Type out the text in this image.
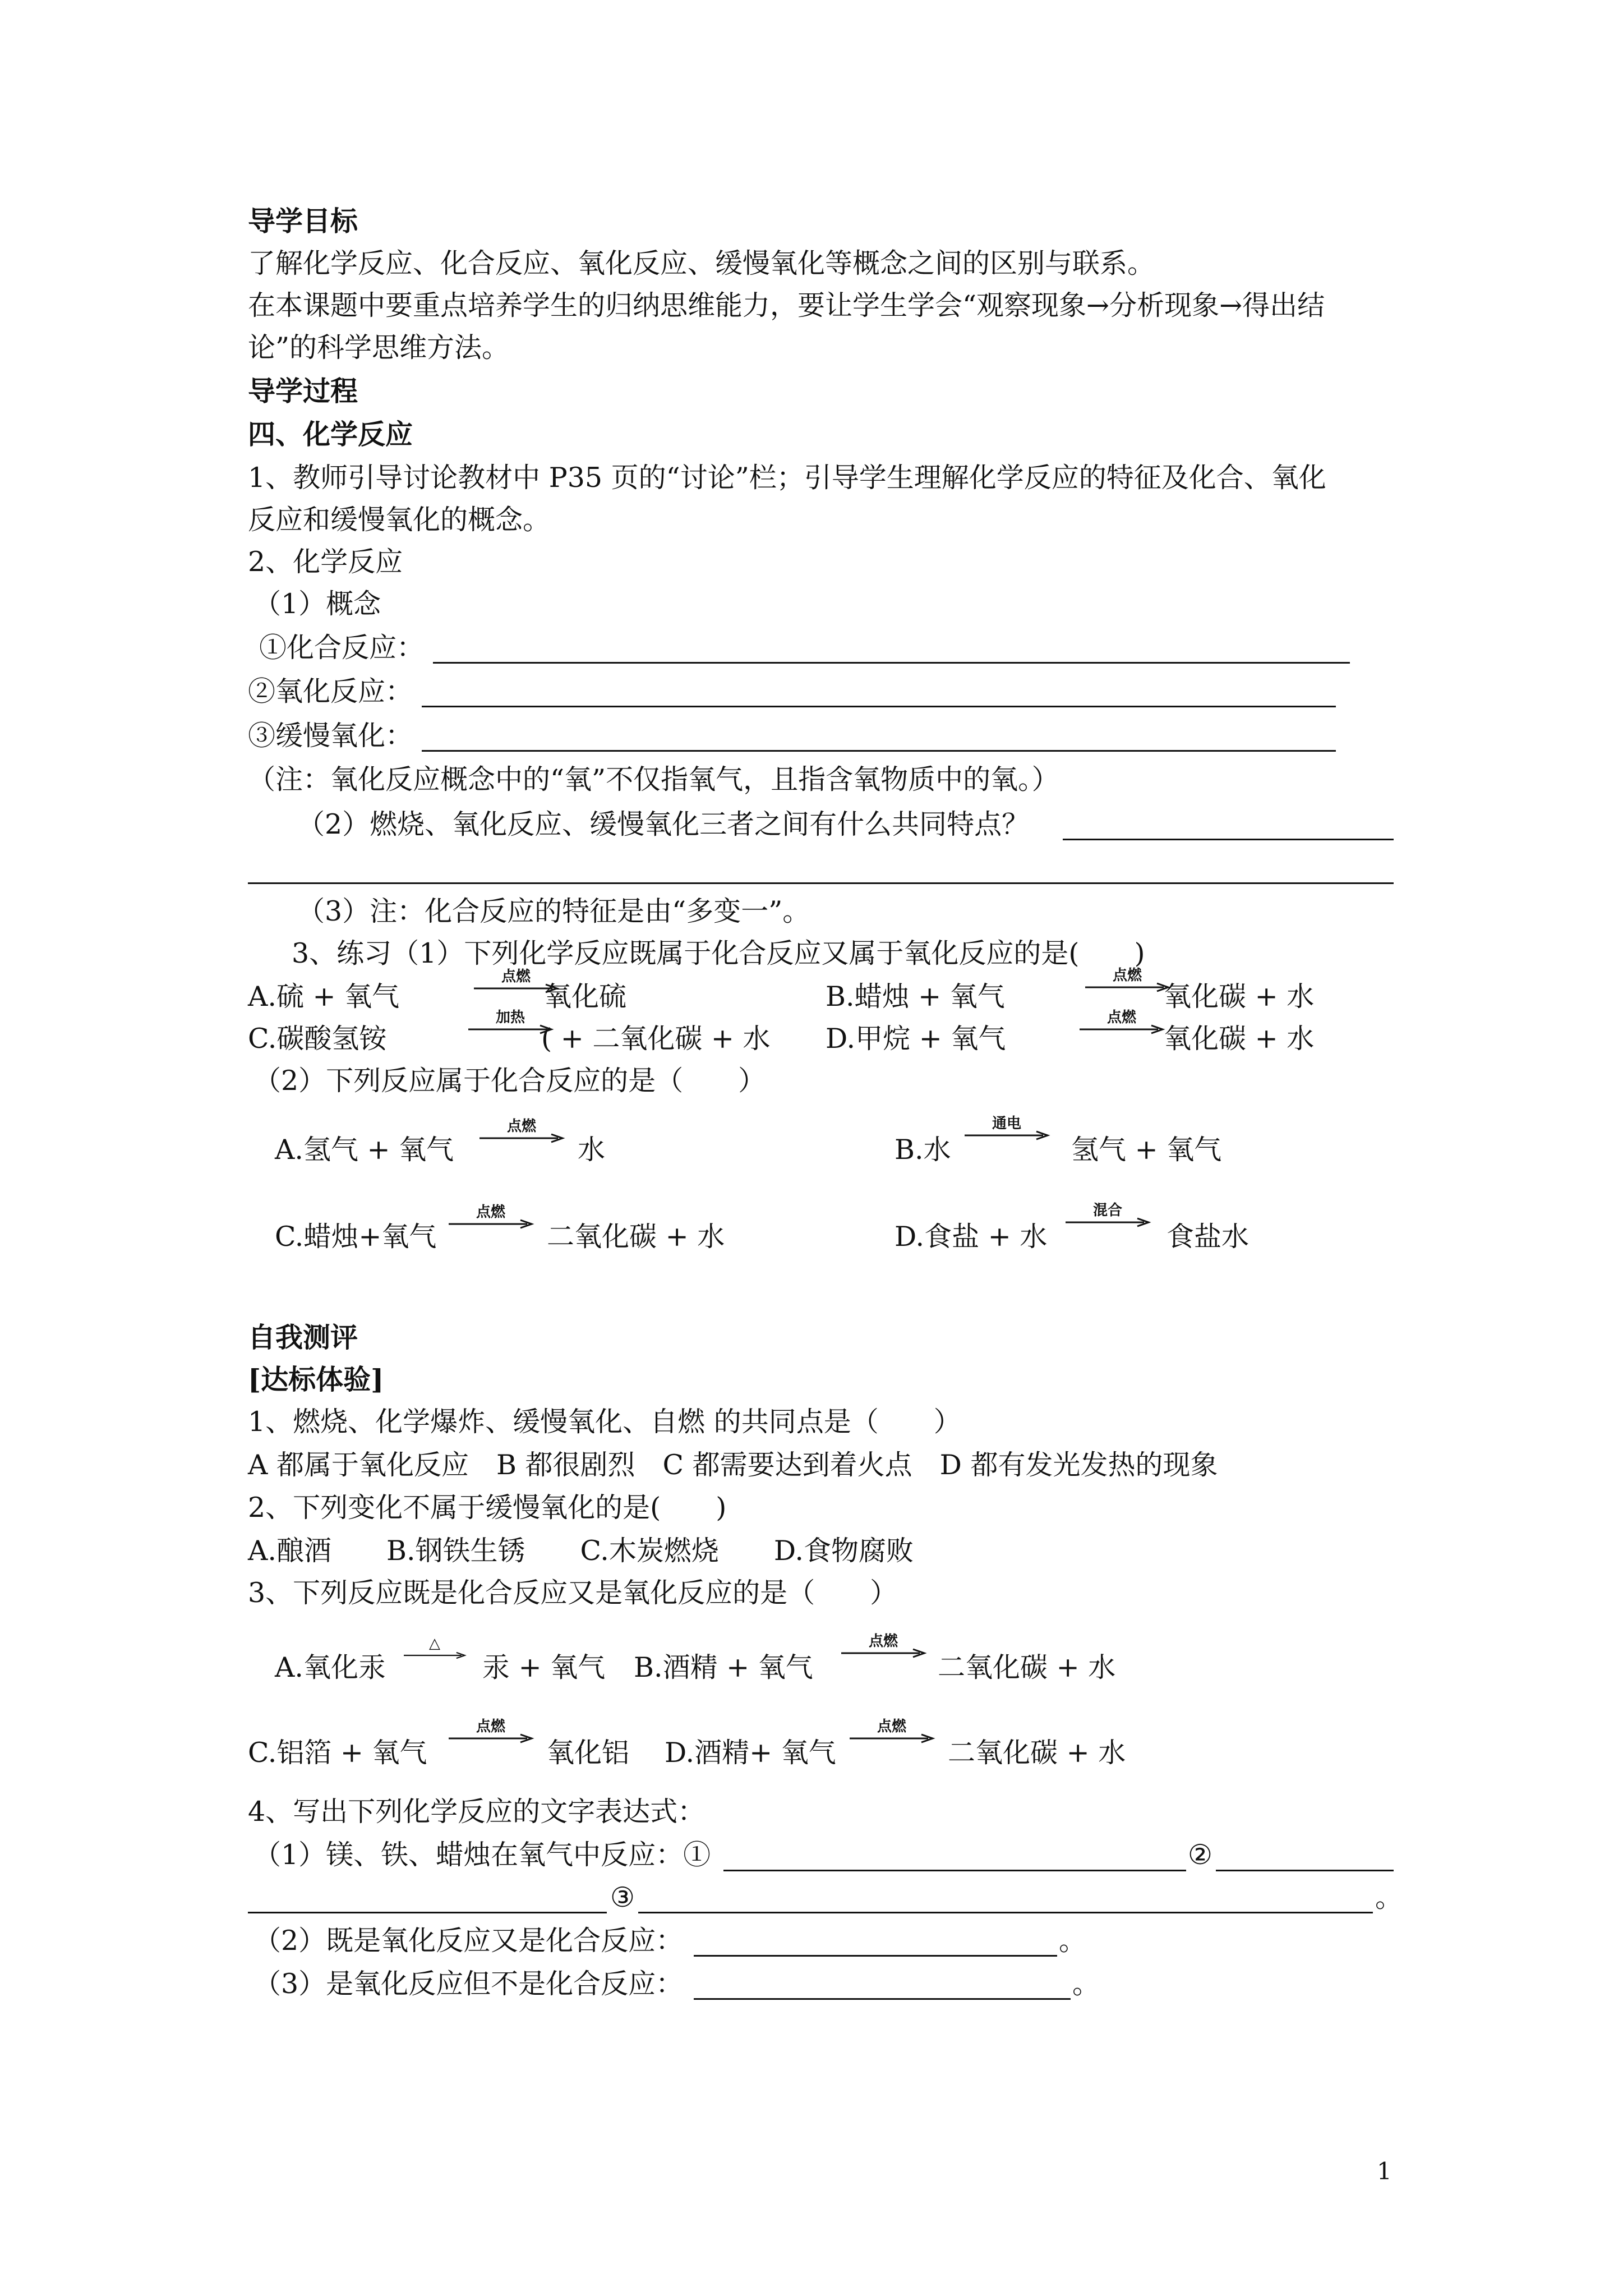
导学目标
了解化学反应、化合反应、氧化反应、缓慢氧化等概念之间的区别与联系。
在本课题中要重点培养学生的归纳思维能力，要让学生学会“观察现象→分析现象→得出结
论”的科学思维方法。
导学过程
四、化学反应
1、教师引导讨论教材中 P35 页的“讨论”栏；引导学生理解化学反应的特征及化合、氧化
反应和缓慢氧化的概念。
2、化学反应
（1）概念
①化合反应：
②氧化反应：
③缓慢氧化：
（注：氧化反应概念中的“氧”不仅指氧气，且指含氧物质中的氧。）
（2）燃烧、氧化反应、缓慢氧化三者之间有什么共同特点？
（3）注：化合反应的特征是由“多变一”。
3、练习（1）下列化学反应既属于化合反应又属于氧化反应的是(　　)
A.硫 + 氧气
点燃
氧化硫	B.蜡烛 + 氧气
点燃
氧化碳 + 水
C.碳酸氢铵
加热
( + 二氧化碳 + 水 D.甲烷 + 氧气
点燃
氧化碳 + 水
（2）下列反应属于化合反应的是（　　）
A.氢气 + 氧气
点燃
水	B.水
通电
氢气 + 氧气
C.蜡烛+氧气
点燃
二氧化碳 + 水	D.食盐 + 水
混合
食盐水
自我测评
[达标体验]
1、燃烧、化学爆炸、缓慢氧化、自燃 的共同点是（　　）
A 都属于氧化反应　B 都很剧烈　C 都需要达到着火点　D 都有发光发热的现象
2、下列变化不属于缓慢氧化的是(　　)
A.酿酒　　B.钢铁生锈　　C.木炭燃烧　　D.食物腐败
3、下列反应既是化合反应又是氧化反应的是（　　）
A.氧化汞
△
汞 + 氧气 B.酒精 + 氧气
点燃
二氧化碳 + 水
C.铝箔 + 氧气
点燃
氧化铝 D.酒精+ 氧气
点燃
二氧化碳 + 水
4、写出下列化学反应的文字表达式：
（1）镁、铁、蜡烛在氧气中反应：①	②
③	。
（2）既是氧化反应又是化合反应：	。
（3）是氧化反应但不是化合反应：	。
1
